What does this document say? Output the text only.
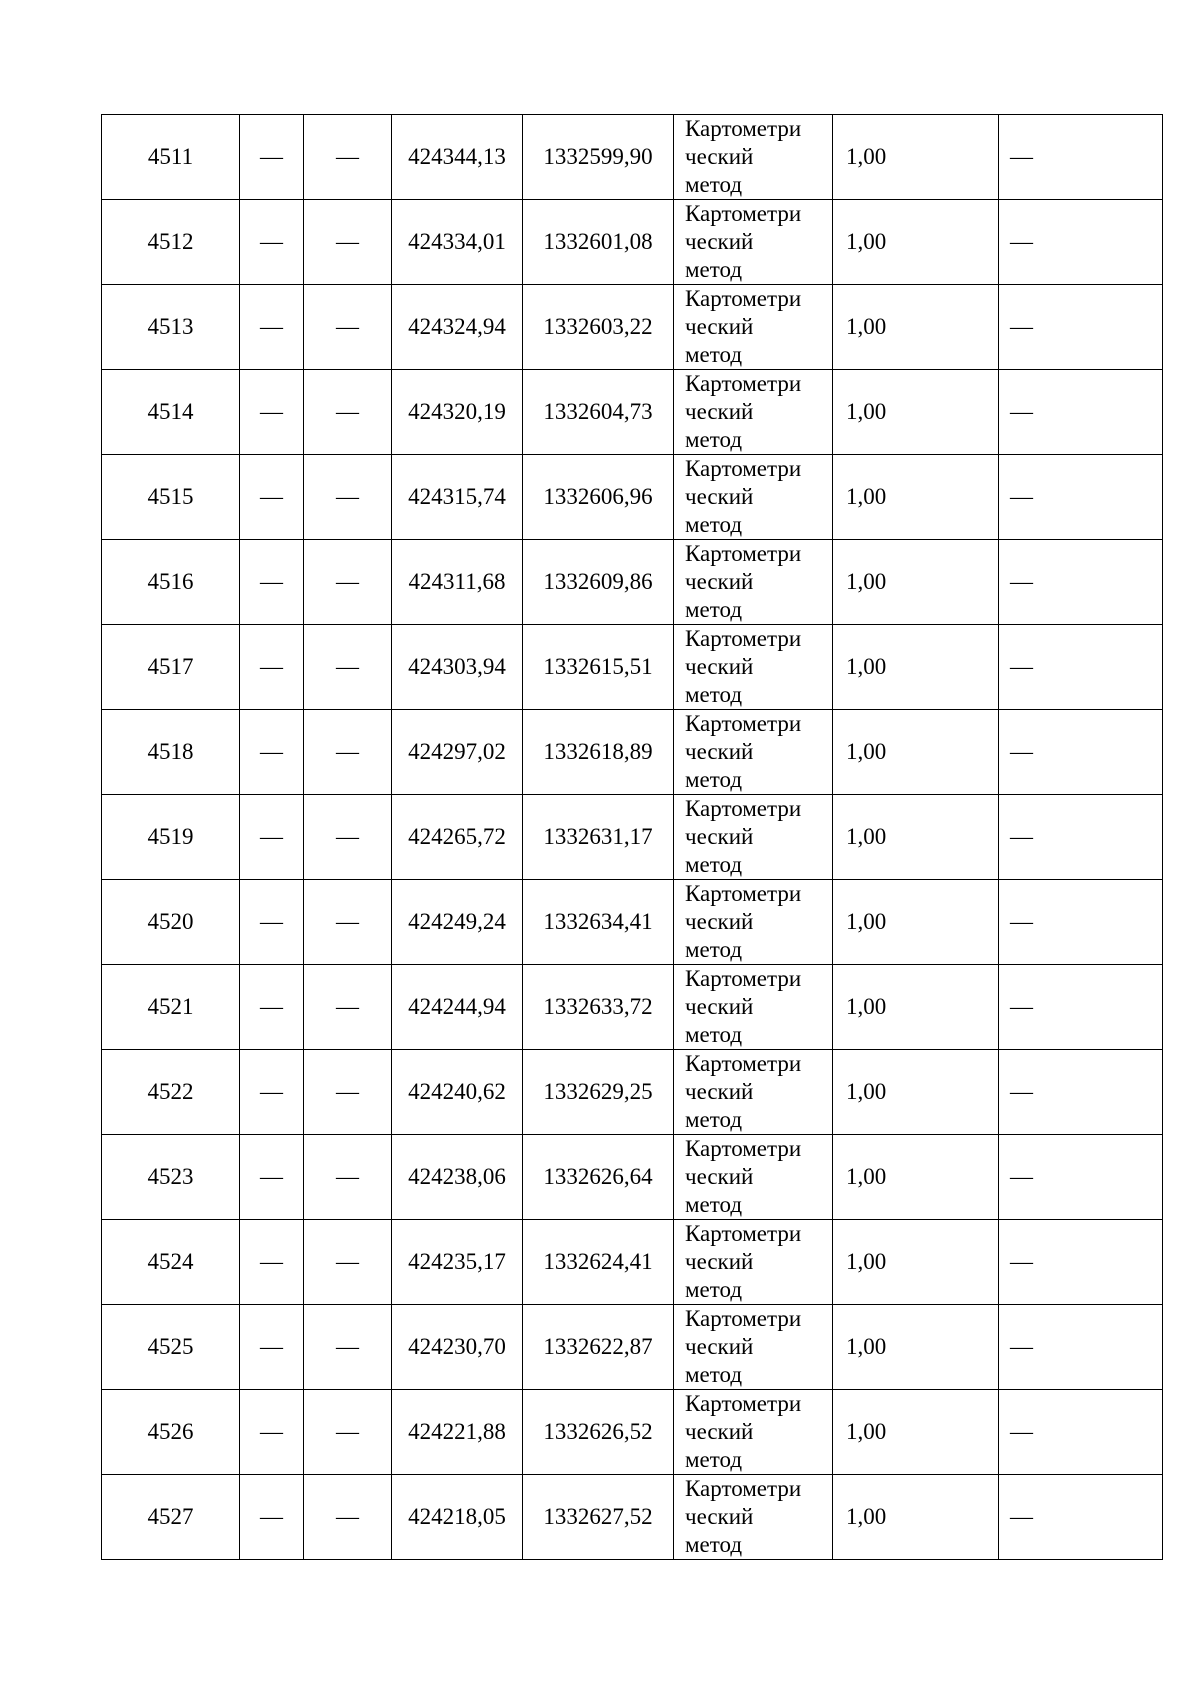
4511	—	—	424344,13	1332599,90	Картометри
ческий
метод	1,00	—
4512	—	—	424334,01	1332601,08	Картометри
ческий
метод	1,00	—
4513	—	—	424324,94	1332603,22	Картометри
ческий
метод	1,00	—
4514	—	—	424320,19	1332604,73	Картометри
ческий
метод	1,00	—
4515	—	—	424315,74	1332606,96	Картометри
ческий
метод	1,00	—
4516	—	—	424311,68	1332609,86	Картометри
ческий
метод	1,00	—
4517	—	—	424303,94	1332615,51	Картометри
ческий
метод	1,00	—
4518	—	—	424297,02	1332618,89	Картометри
ческий
метод	1,00	—
4519	—	—	424265,72	1332631,17	Картометри
ческий
метод	1,00	—
4520	—	—	424249,24	1332634,41	Картометри
ческий
метод	1,00	—
4521	—	—	424244,94	1332633,72	Картометри
ческий
метод	1,00	—
4522	—	—	424240,62	1332629,25	Картометри
ческий
метод	1,00	—
4523	—	—	424238,06	1332626,64	Картометри
ческий
метод	1,00	—
4524	—	—	424235,17	1332624,41	Картометри
ческий
метод	1,00	—
4525	—	—	424230,70	1332622,87	Картометри
ческий
метод	1,00	—
4526	—	—	424221,88	1332626,52	Картометри
ческий
метод	1,00	—
4527	—	—	424218,05	1332627,52	Картометри
ческий
метод	1,00	—
